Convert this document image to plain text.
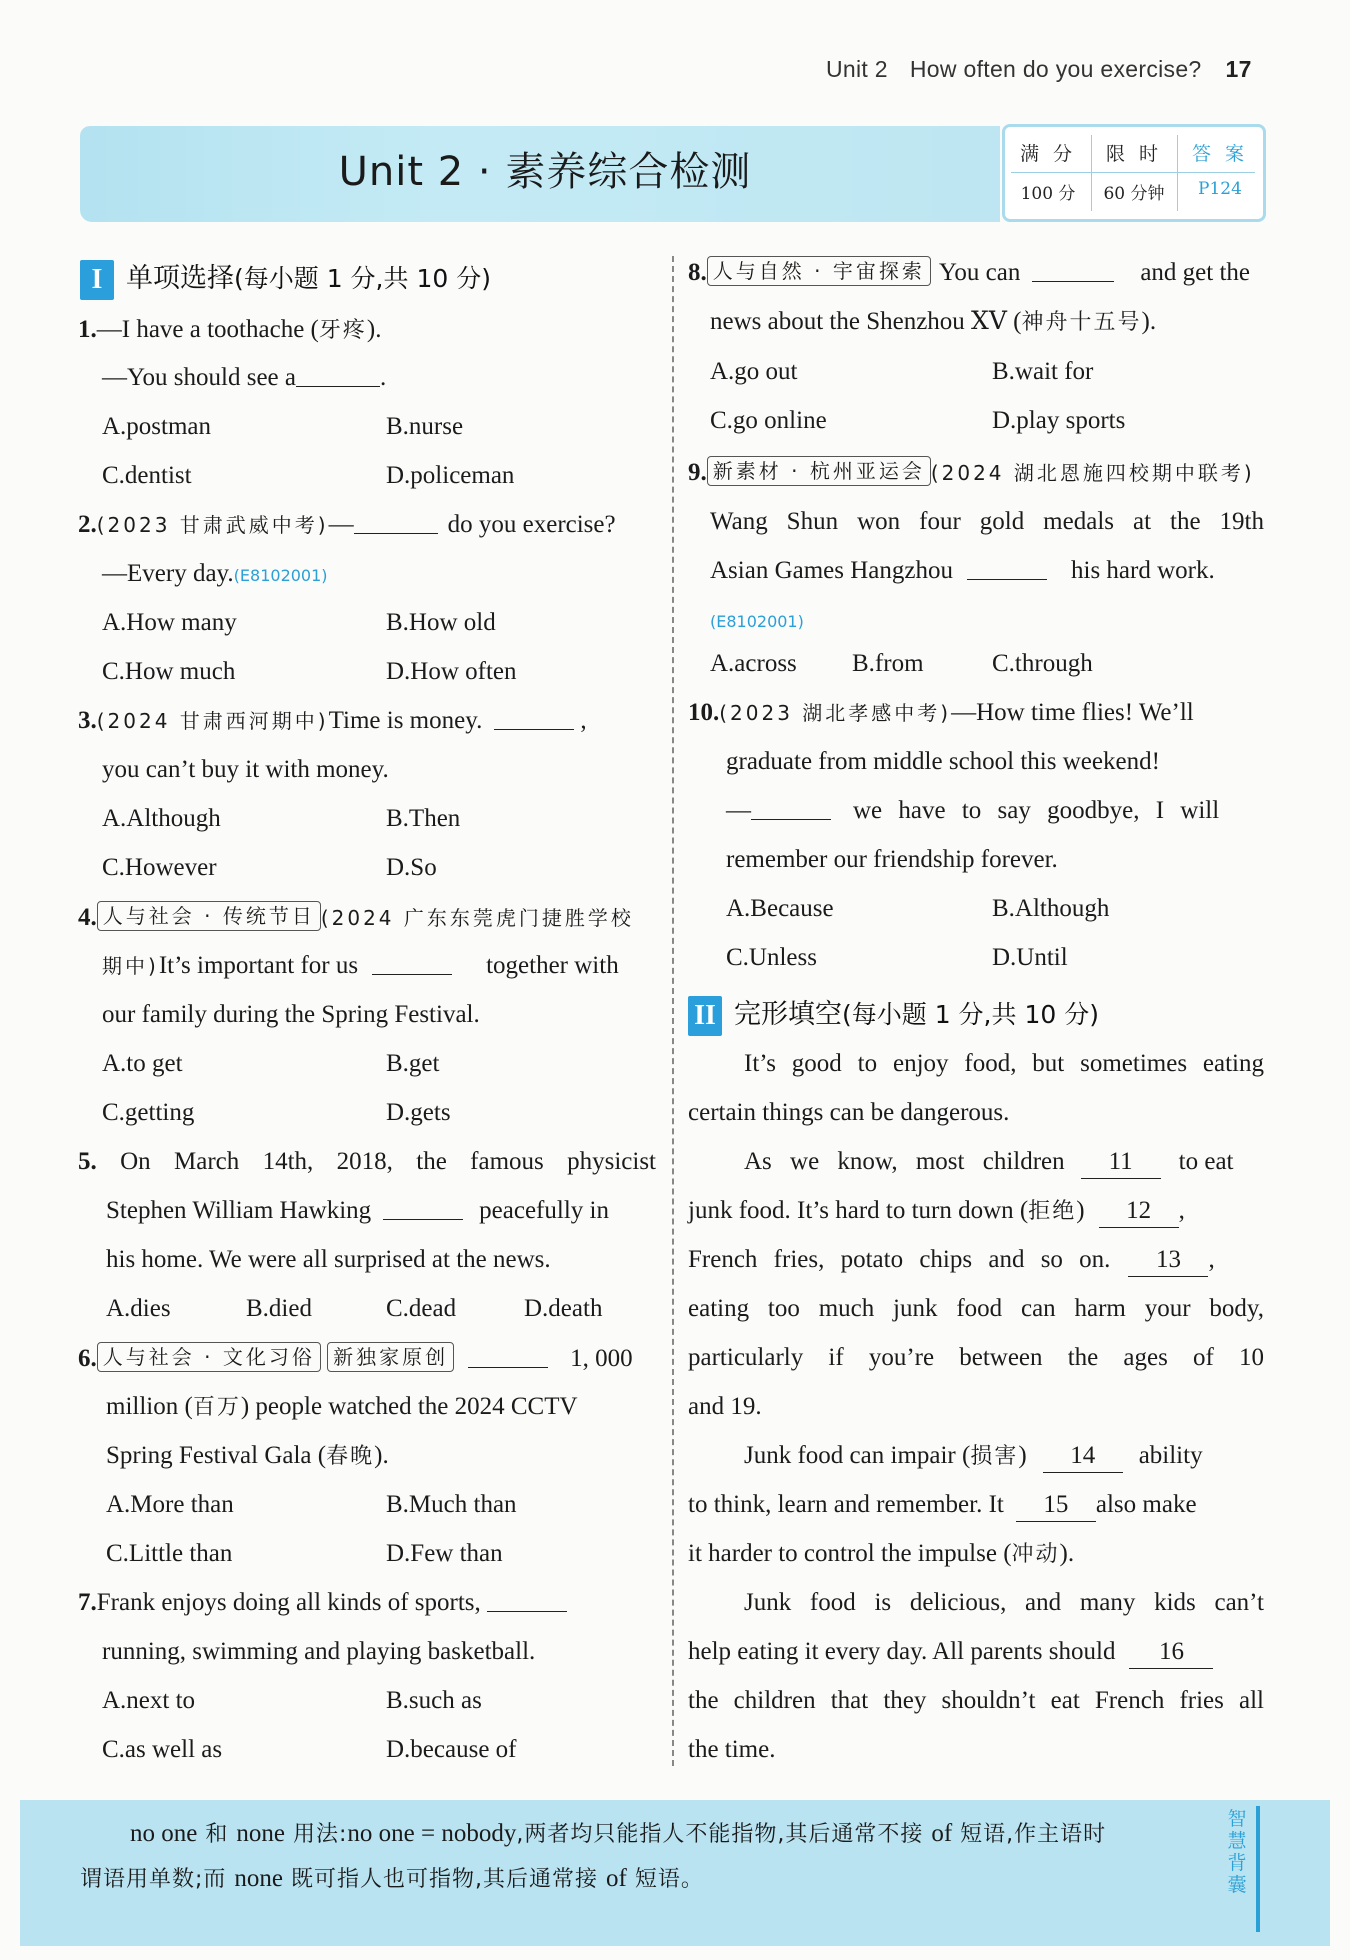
Unit 2 How often do you exercise? 17
Unit 2 · 素养综合检测	满 分	限 时	答 案
100 分	60 分钟	P124
I 单项选择(每小题 1 分,共 10 分)
1.—I have a toothache (牙疼).
—You should see a	.
A.postman	B.nurse
C.dentist	D.policeman
2.(2023 甘肃武威中考)—	do you exercise?
—Every day.(E8102001)
A.How many	B.How old
C.How much	D.How often
3.(2024 甘肃西河期中)Time is money.	,
you can’t buy it with money.
A.Although	B.Then
C.However	D.So
4. 人与社会 · 传统节日 (2024 广东东莞虎门捷胜学校
期中)It’s important for us	together with
our family during the Spring Festival.
A.to get	B.get
C.getting	D.gets
5. On March 14th, 2018, the famous physicist
Stephen William Hawking	peacefully in
his home. We were all surprised at the news.
A.dies	B.died	C.dead	D.death
6. 人与社会 · 文化习俗 新独家原创	1, 000
million (百万) people watched the 2024 CCTV
Spring Festival Gala (春晚).
A.More than	B.Much than
C.Little than	D.Few than
7.Frank enjoys doing all kinds of sports,
running, swimming and playing basketball.
A.next to	B.such as
C.as well as	D.because of
8. 人与自然 · 宇宙探索 You can	and get the
news about the Shenzhou ⅩⅤ (神舟十五号).
A.go out	B.wait for
C.go online	D.play sports
9. 新素材 · 杭州亚运会 (2024 湖北恩施四校期中联考)
Wang Shun won four gold medals at the 19th
Asian Games Hangzhou	his hard work.
(E8102001)
A.across B.from	C.through
10.(2023 湖北孝感中考)—How time flies! We’ll
graduate from middle school this weekend!
—	we have to say goodbye, I will
remember our friendship forever.
A.Because	B.Although
C.Unless	D.Until
II 完形填空(每小题 1 分,共 10 分)
It’s good to enjoy food, but sometimes eating
certain things can be dangerous.
As we know, most children 11 to eat
junk food. It’s hard to turn down (拒绝) 12 ,
French fries, potato chips and so on. 13 ,
eating too much junk food can harm your body,
particularly if you’re between the ages of 10
and 19.
Junk food can impair (损害) 14 ability
to think, learn and remember. It 15 also make
it harder to control the impulse (冲动).
Junk food is delicious, and many kids can’t
help eating it every day. All parents should 16
the children that they shouldn’t eat French fries all
the time.
no one 和 none 用法:no one = nobody,两者均只能指人不能指物,其后通常不接 of 短语,作主语时
谓语用单数;而 none 既可指人也可指物,其后通常接 of 短语。
智慧背囊
